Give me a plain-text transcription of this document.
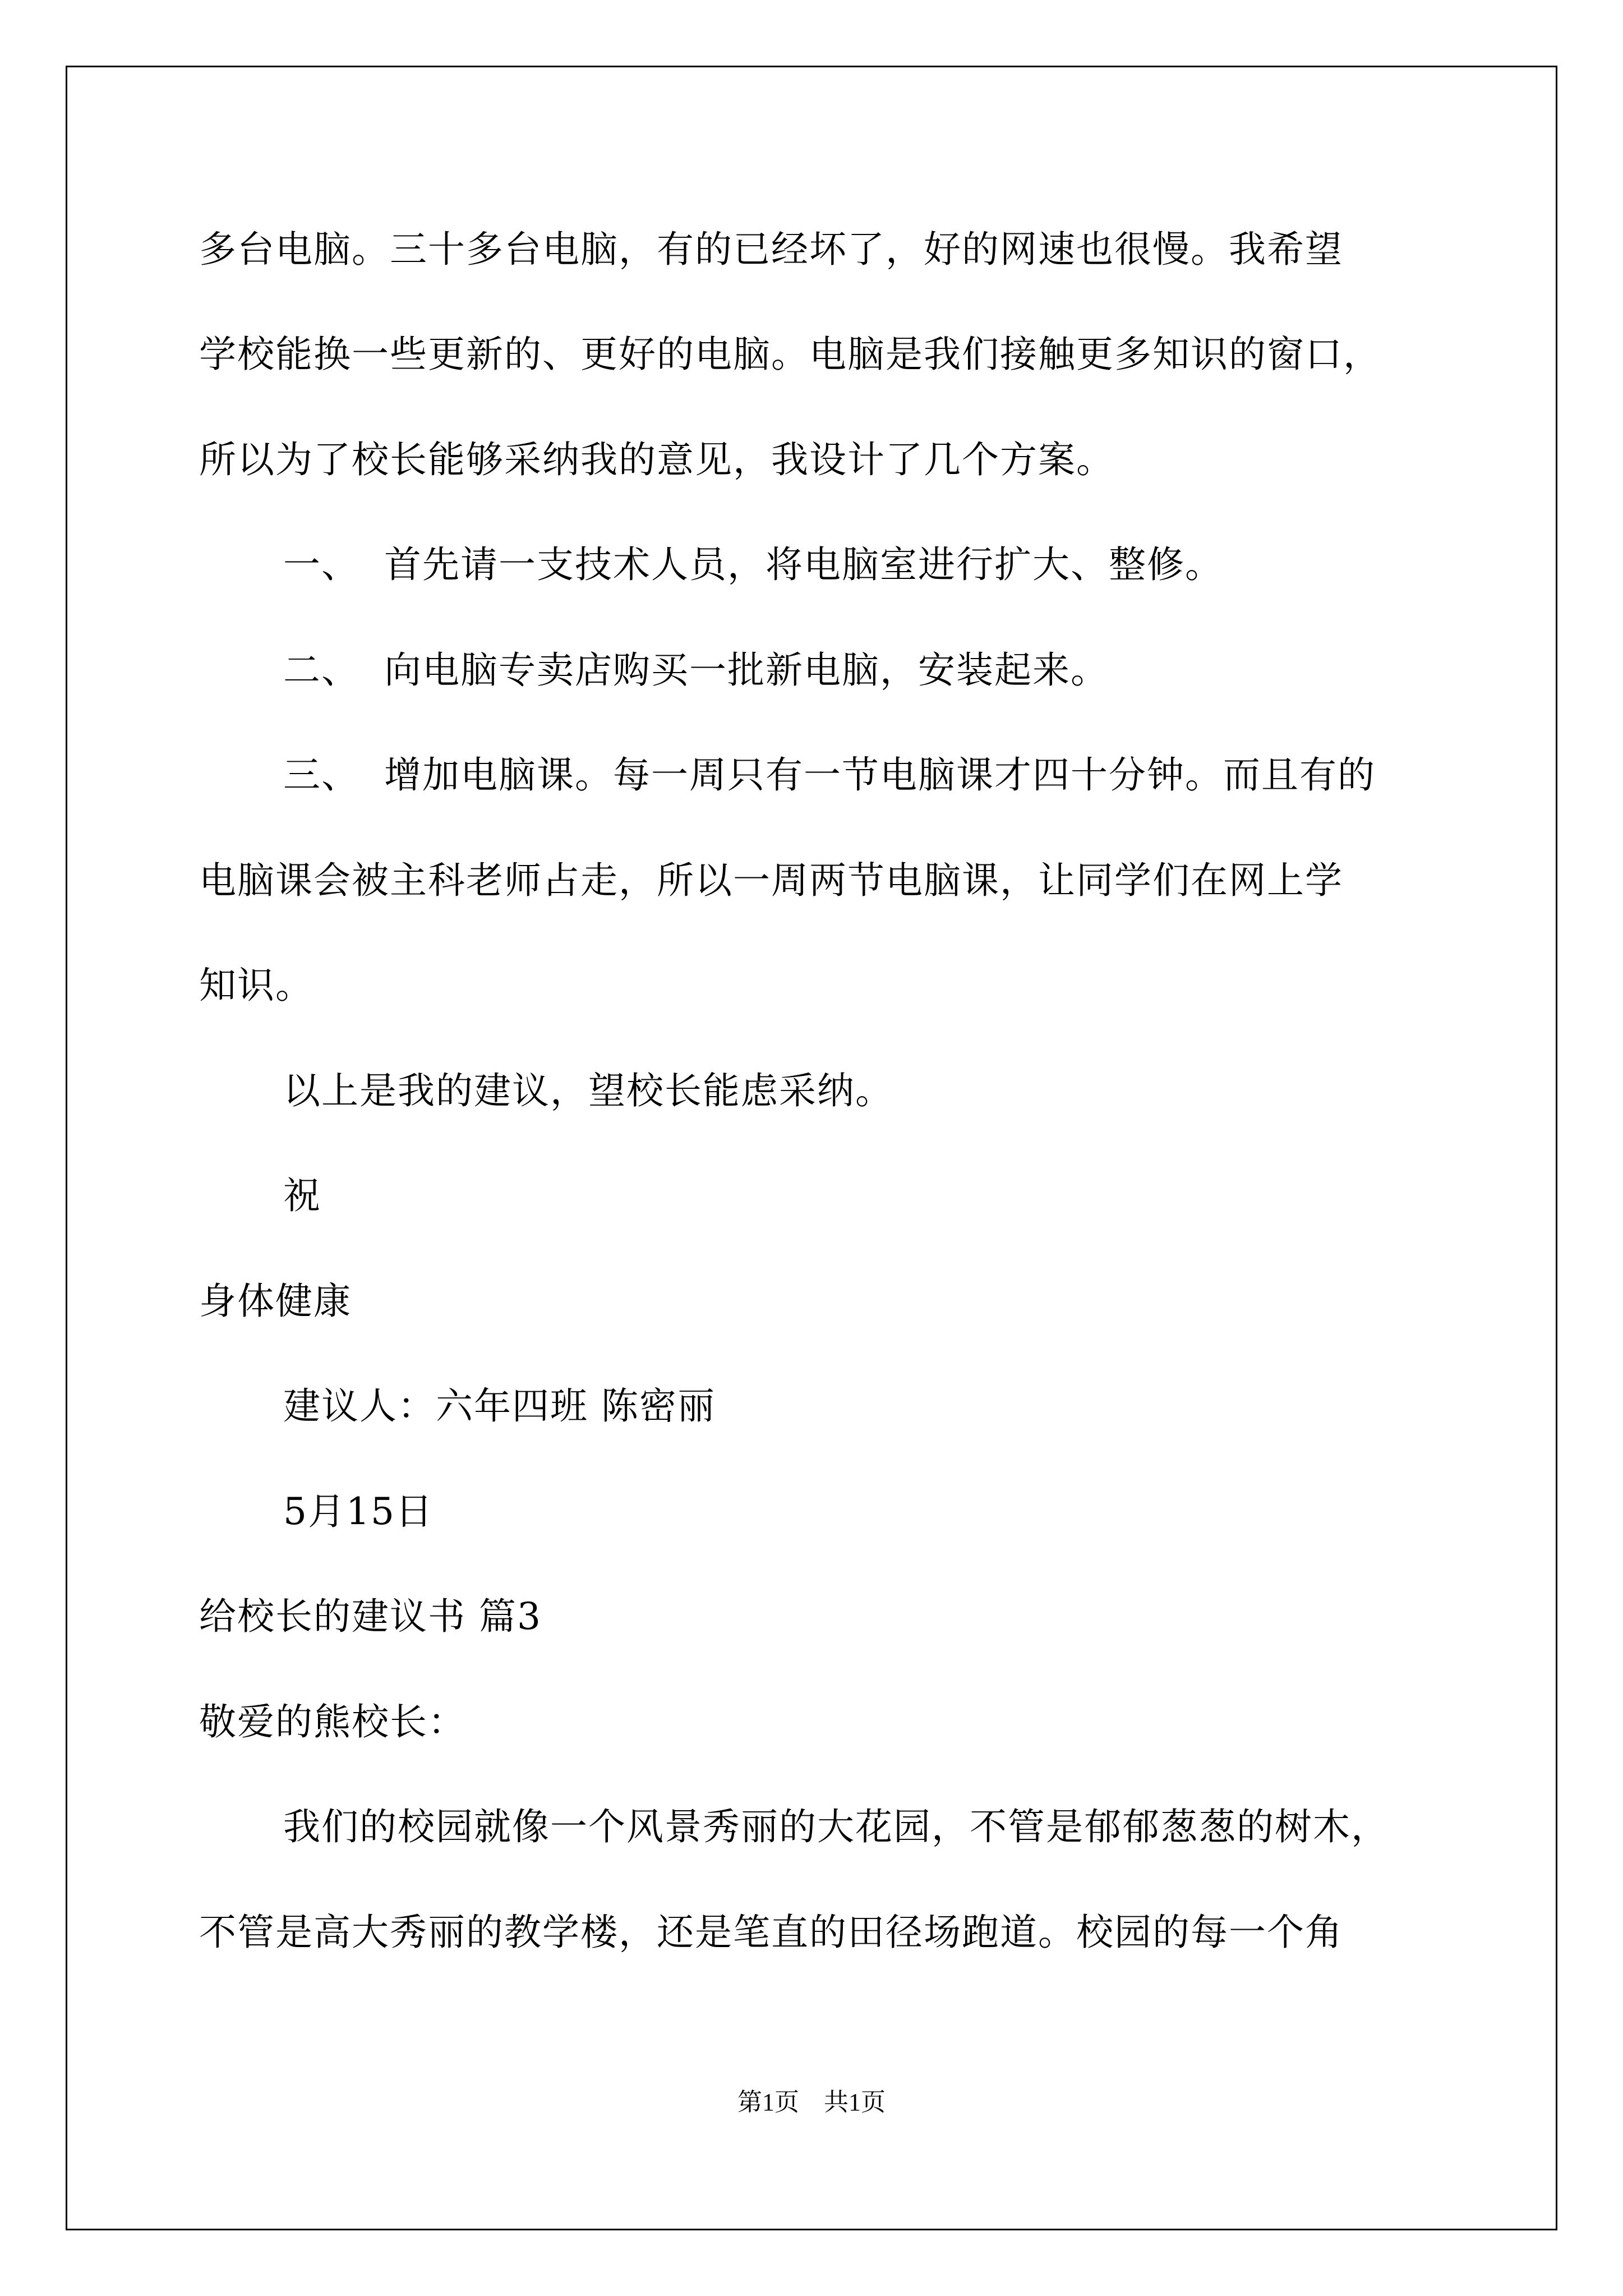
多台电脑。三十多台电脑，有的已经坏了，好的网速也很慢。我希望
学校能换一些更新的、更好的电脑。电脑是我们接触更多知识的窗口，
所以为了校长能够采纳我的意见，我设计了几个方案。
一、 首先请一支技术人员，将电脑室进行扩大、整修。
二、 向电脑专卖店购买一批新电脑，安装起来。
三、 增加电脑课。每一周只有一节电脑课才四十分钟。而且有的
电脑课会被主科老师占走，所以一周两节电脑课，让同学们在网上学
知识。
以上是我的建议，望校长能虑采纳。
祝
身体健康
建议人：六年四班 陈密丽
5月15日
给校长的建议书 篇3
敬爱的熊校长：
我们的校园就像一个风景秀丽的大花园，不管是郁郁葱葱的树木，
不管是高大秀丽的教学楼，还是笔直的田径场跑道。校园的每一个角
第1页　共1页
